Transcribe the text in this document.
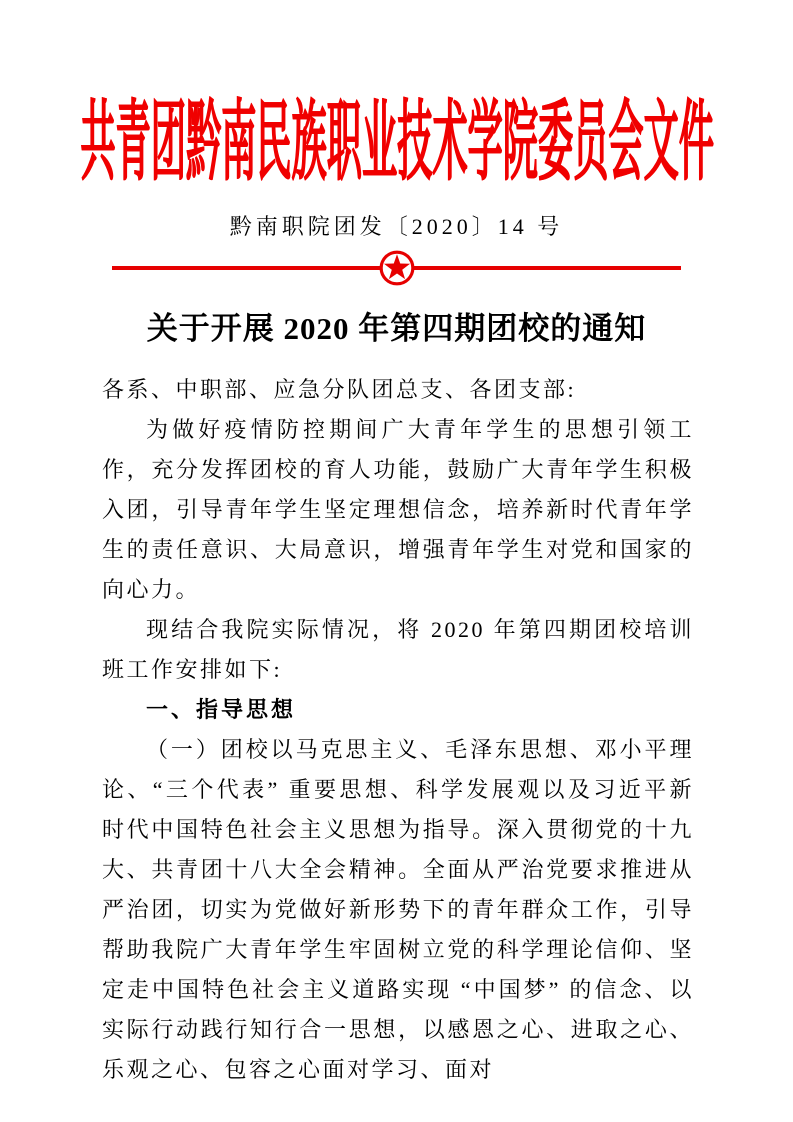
共青团黔南民族职业技术学院委员会文件
黔南职院团发〔2020〕14 号
关于开展 2020 年第四期团校的通知

各系、中职部、应急分队团总支、各团支部:

为做好疫情防控期间广大青年学生的思想引领工作，充分发挥团校的育人功能，鼓励广大青年学生积极入团，引导青年学生坚定理想信念，培养新时代青年学生的责任意识、大局意识，增强青年学生对党和国家的向心力。

现结合我院实际情况，将 2020 年第四期团校培训班工作安排如下:

一、指导思想

（一）团校以马克思主义、毛泽东思想、邓小平理论、“三个代表” 重要思想、科学发展观以及习近平新时代中国特色社会主义思想为指导。深入贯彻党的十九大、共青团十八大全会精神。全面从严治党要求推进从严治团，切实为党做好新形势下的青年群众工作，引导帮助我院广大青年学生牢固树立党的科学理论信仰、坚定走中国特色社会主义道路实现 “中国梦” 的信念、以实际行动践行知行合一思想，以感恩之心、进取之心、乐观之心、包容之心面对学习、面对
